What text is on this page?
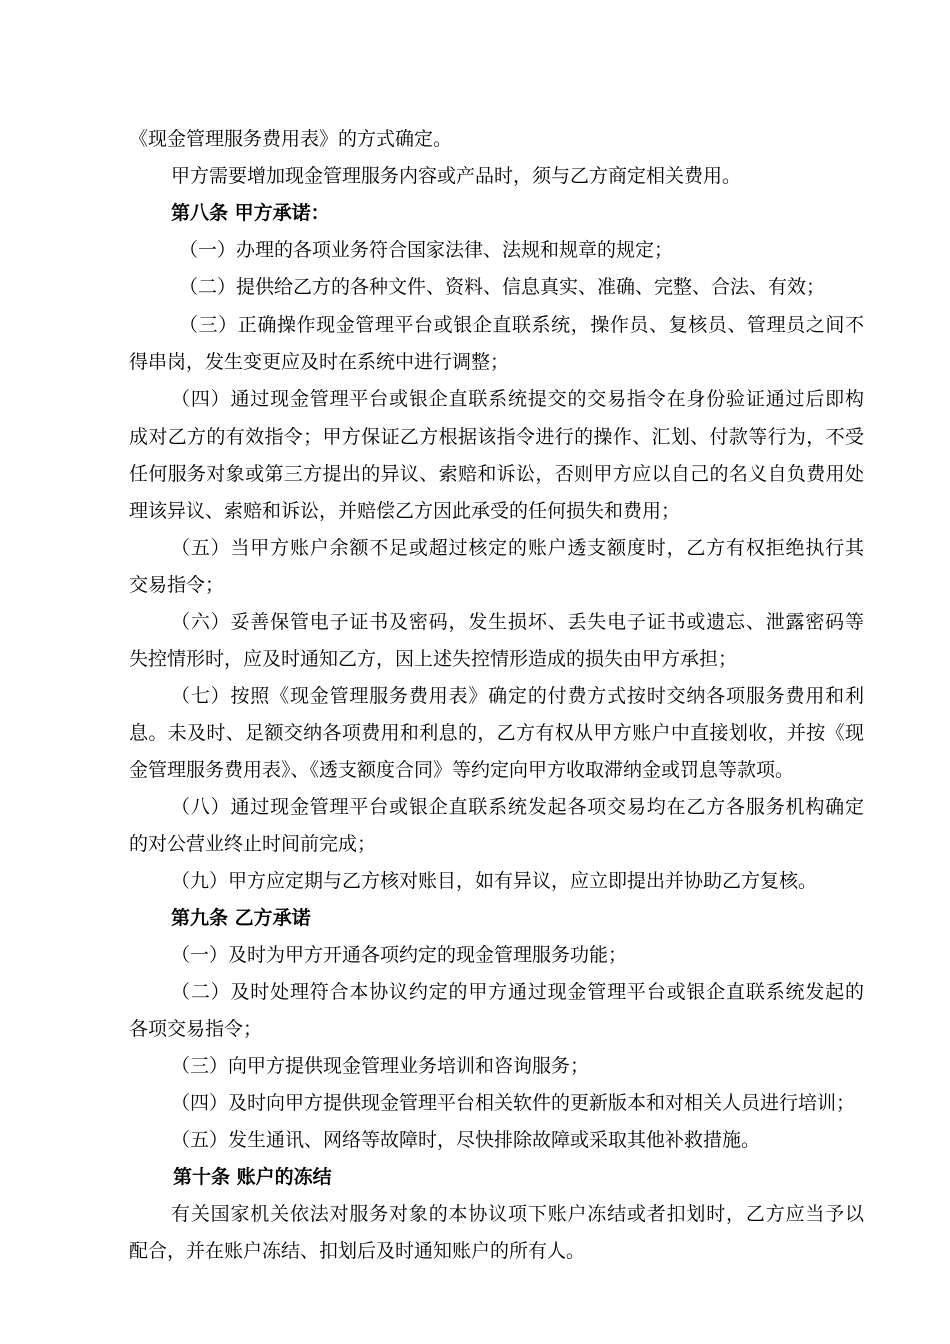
《现金管理服务费用表》的方式确定。
甲方需要增加现金管理服务内容或产品时，须与乙方商定相关费用。
第八条 甲方承诺：
（一）办理的各项业务符合国家法律、法规和规章的规定；
（二）提供给乙方的各种文件、资料、信息真实、准确、完整、合法、有效；
（三）正确操作现金管理平台或银企直联系统，操作员、复核员、管理员之间不
得串岗，发生变更应及时在系统中进行调整；
（四）通过现金管理平台或银企直联系统提交的交易指令在身份验证通过后即构
成对乙方的有效指令；甲方保证乙方根据该指令进行的操作、汇划、付款等行为，不受
任何服务对象或第三方提出的异议、索赔和诉讼，否则甲方应以自己的名义自负费用处
理该异议、索赔和诉讼，并赔偿乙方因此承受的任何损失和费用；
（五）当甲方账户余额不足或超过核定的账户透支额度时，乙方有权拒绝执行其
交易指令；
（六）妥善保管电子证书及密码，发生损坏、丢失电子证书或遗忘、泄露密码等
失控情形时，应及时通知乙方，因上述失控情形造成的损失由甲方承担；
（七）按照《现金管理服务费用表》确定的付费方式按时交纳各项服务费用和利
息。未及时、足额交纳各项费用和利息的，乙方有权从甲方账户中直接划收，并按《现
金管理服务费用表》、《透支额度合同》等约定向甲方收取滞纳金或罚息等款项。
（八）通过现金管理平台或银企直联系统发起各项交易均在乙方各服务机构确定
的对公营业终止时间前完成；
（九）甲方应定期与乙方核对账目，如有异议，应立即提出并协助乙方复核。
第九条 乙方承诺
（一）及时为甲方开通各项约定的现金管理服务功能；
（二）及时处理符合本协议约定的甲方通过现金管理平台或银企直联系统发起的
各项交易指令；
（三）向甲方提供现金管理业务培训和咨询服务；
（四）及时向甲方提供现金管理平台相关软件的更新版本和对相关人员进行培训；
（五）发生通讯、网络等故障时，尽快排除故障或采取其他补救措施。
第十条 账户的冻结
有关国家机关依法对服务对象的本协议项下账户冻结或者扣划时，乙方应当予以
配合，并在账户冻结、扣划后及时通知账户的所有人。
